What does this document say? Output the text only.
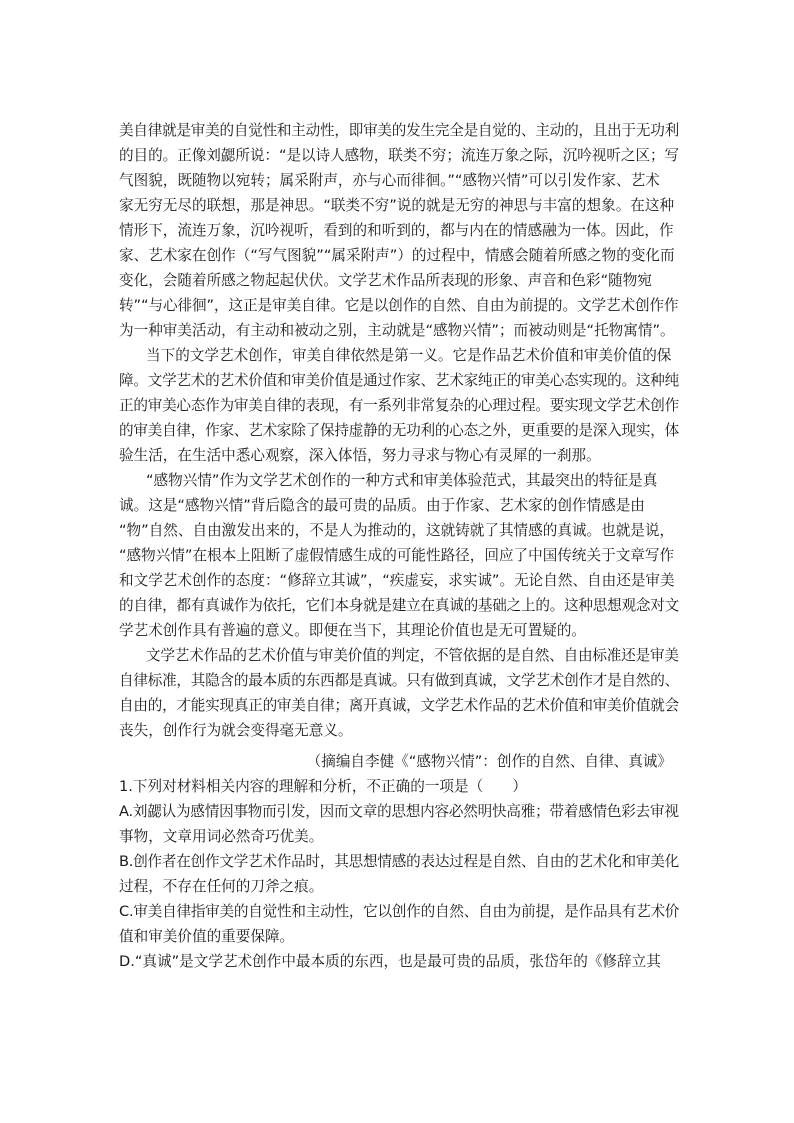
美自律就是审美的自觉性和主动性，即审美的发生完全是自觉的、主动的，且出于无功利
的目的。正像刘勰所说：“是以诗人感物，联类不穷；流连万象之际，沉吟视听之区；写
气图貌，既随物以宛转；属采附声，亦与心而徘徊。”“感物兴情”可以引发作家、艺术
家无穷无尽的联想，那是神思。“联类不穷”说的就是无穷的神思与丰富的想象。在这种
情形下，流连万象，沉吟视听，看到的和听到的，都与内在的情感融为一体。因此，作
家、艺术家在创作（“写气图貌”“属采附声”）的过程中，情感会随着所感之物的变化而
变化，会随着所感之物起起伏伏。文学艺术作品所表现的形象、声音和色彩“随物宛
转”“与心徘徊”，这正是审美自律。它是以创作的自然、自由为前提的。文学艺术创作作
为一种审美活动，有主动和被动之别，主动就是“感物兴情”；而被动则是“托物寓情”。
当下的文学艺术创作，审美自律依然是第一义。它是作品艺术价值和审美价值的保
障。文学艺术的艺术价值和审美价值是通过作家、艺术家纯正的审美心态实现的。这种纯
正的审美心态作为审美自律的表现，有一系列非常复杂的心理过程。要实现文学艺术创作
的审美自律，作家、艺术家除了保持虚静的无功利的心态之外，更重要的是深入现实，体
验生活，在生活中悉心观察，深入体悟，努力寻求与物心有灵犀的一刹那。
“感物兴情”作为文学艺术创作的一种方式和审美体验范式，其最突出的特征是真
诚。这是“感物兴情”背后隐含的最可贵的品质。由于作家、艺术家的创作情感是由
“物”自然、自由激发出来的，不是人为推动的，这就铸就了其情感的真诚。也就是说，
“感物兴情”在根本上阻断了虚假情感生成的可能性路径，回应了中国传统关于文章写作
和文学艺术创作的态度：“修辞立其诚”，“疾虚妄，求实诚”。无论自然、自由还是审美
的自律，都有真诚作为依托，它们本身就是建立在真诚的基础之上的。这种思想观念对文
学艺术创作具有普遍的意义。即便在当下，其理论价值也是无可置疑的。
文学艺术作品的艺术价值与审美价值的判定，不管依据的是自然、自由标准还是审美
自律标准，其隐含的最本质的东西都是真诚。只有做到真诚，文学艺术创作才是自然的、
自由的，才能实现真正的审美自律；离开真诚，文学艺术作品的艺术价值和审美价值就会
丧失，创作行为就会变得毫无意义。
（摘编自李健《“感物兴情”：创作的自然、自律、真诚》
1.下列对材料相关内容的理解和分析，不正确的一项是（　　）
A.刘勰认为感情因事物而引发，因而文章的思想内容必然明快高雅；带着感情色彩去审视
事物，文章用词必然奇巧优美。
B.创作者在创作文学艺术作品时，其思想情感的表达过程是自然、自由的艺术化和审美化
过程，不存在任何的刀斧之痕。
C.审美自律指审美的自觉性和主动性，它以创作的自然、自由为前提，是作品具有艺术价
值和审美价值的重要保障。
D.“真诚”是文学艺术创作中最本质的东西，也是最可贵的品质，张岱年的《修辞立其
